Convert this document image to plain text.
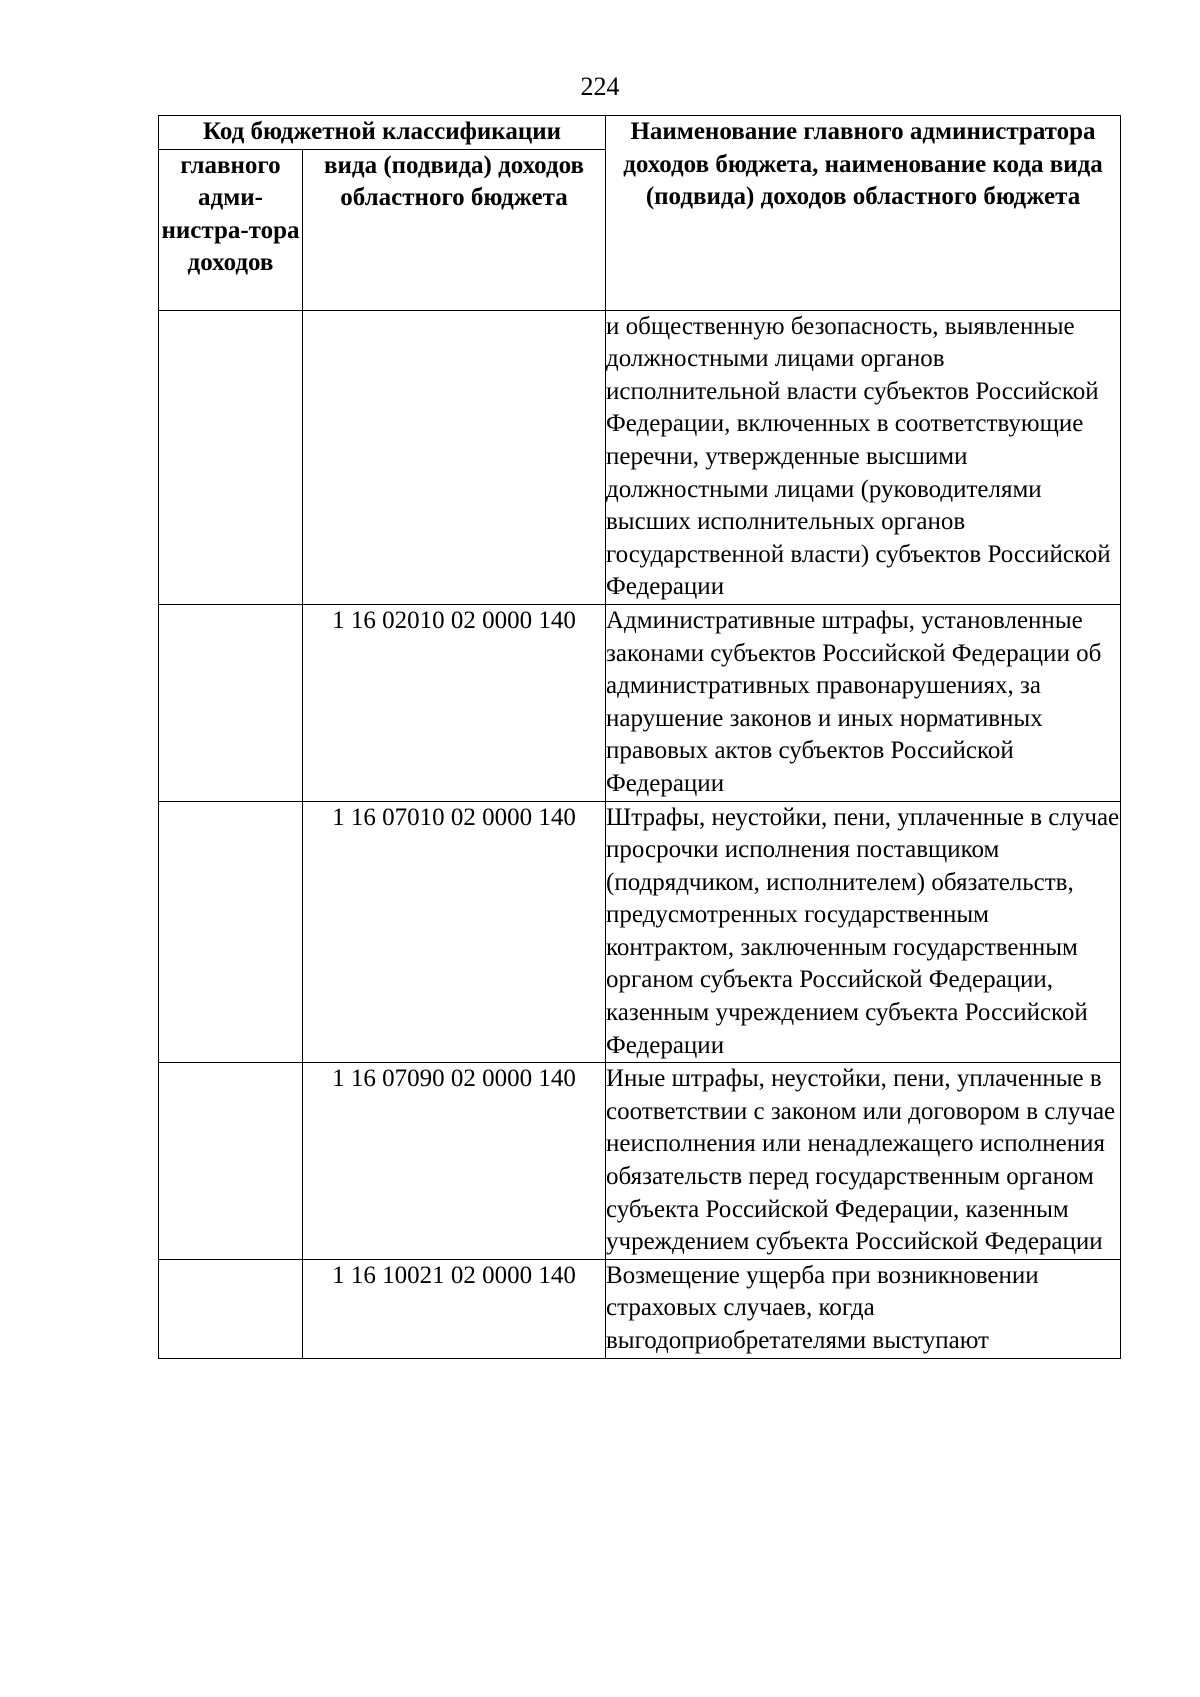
224
Код бюджетной классификации		Наименование главного администратора доходов бюджета, наименование кода вида (подвида) доходов областного бюджета
главного адми-нистра-тора доходов	вида (подвида) доходов областного бюджета	
		и общественную безопасность, выявленные должностными лицами органов исполнительной власти субъектов Российской Федерации, включенных в соответствующие перечни, утвержденные высшими должностными лицами (руководителями высших исполнительных органов государственной власти) субъектов Российской Федерации
	1 16 02010 02 0000 140	Административные штрафы, установленные законами субъектов Российской Федерации об административных правонарушениях, за нарушение законов и иных нормативных правовых актов субъектов Российской Федерации
	1 16 07010 02 0000 140	Штрафы, неустойки, пени, уплаченные в случае просрочки исполнения поставщиком (подрядчиком, исполнителем) обязательств, предусмотренных государственным контрактом, заключенным государственным органом субъекта Российской Федерации, казенным учреждением субъекта Российской Федерации
	1 16 07090 02 0000 140	Иные штрафы, неустойки, пени, уплаченные в соответствии с законом или договором в случае неисполнения или ненадлежащего исполнения обязательств перед государственным органом субъекта Российской Федерации, казенным учреждением субъекта Российской Федерации
	1 16 10021 02 0000 140	Возмещение ущерба при возникновении страховых случаев, когда выгодоприобретателями выступают
